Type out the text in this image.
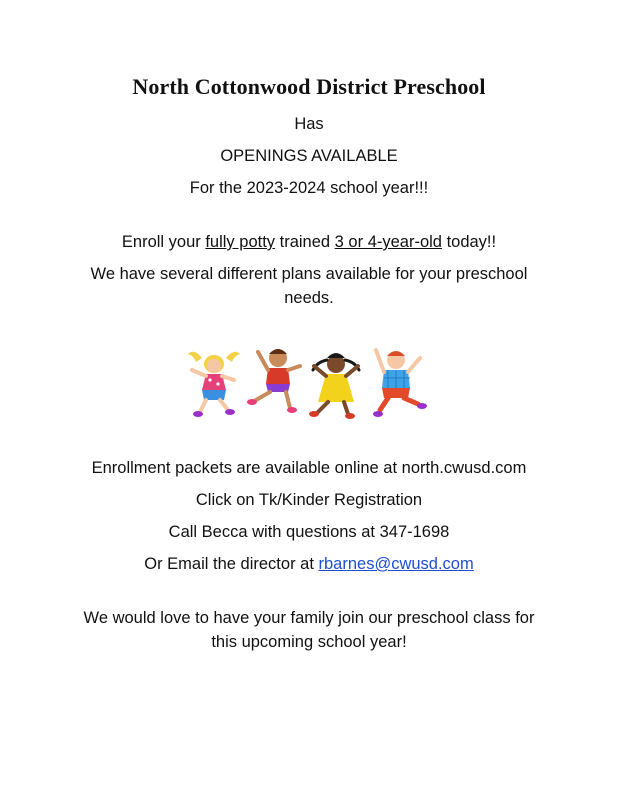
North Cottonwood District Preschool
Has
OPENINGS AVAILABLE
For the 2023-2024 school year!!!
Enroll your fully potty trained 3 or 4-year-old today!!
We have several different plans available for your preschool
needs.
Enrollment packets are available online at north.cwusd.com
Click on Tk/Kinder Registration
Call Becca with questions at 347-1698
Or Email the director at rbarnes@cwusd.com
We would love to have your family join our preschool class for
this upcoming school year!
